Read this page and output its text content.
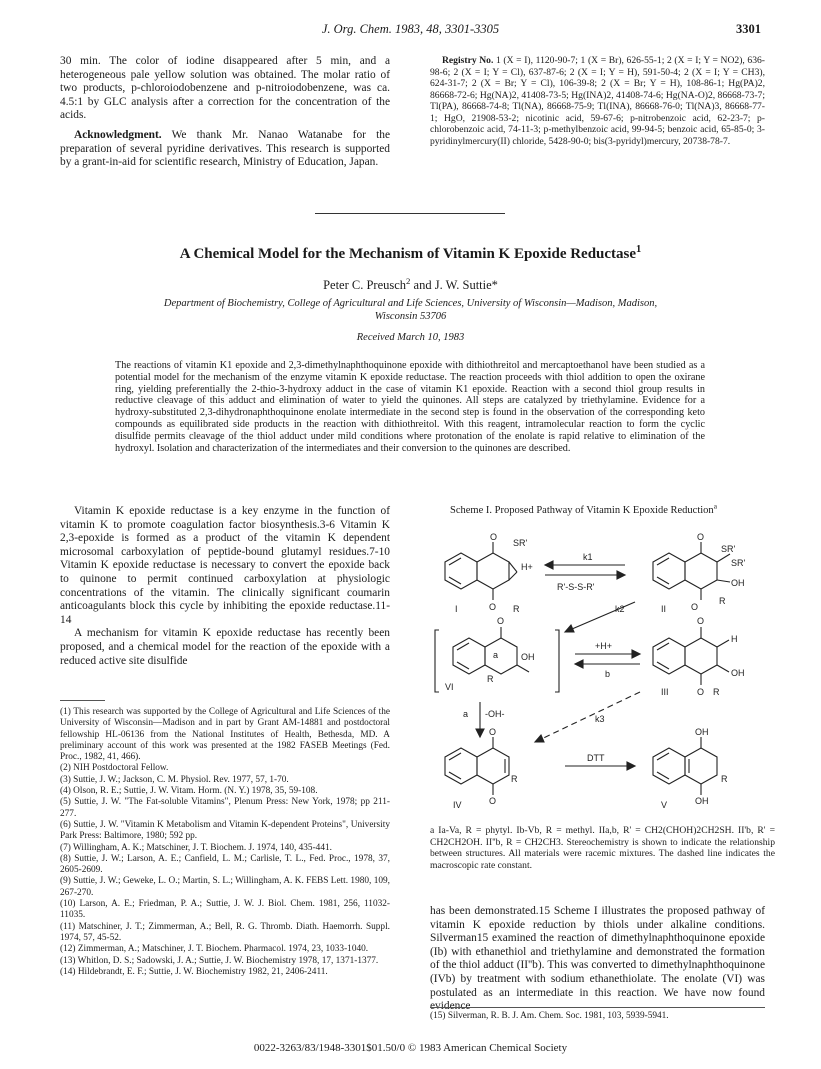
J. Org. Chem. 1983, 48, 3301-3305	3301

30 min. The color of iodine disappeared after 5 min, and a heterogeneous pale yellow solution was obtained. The molar ratio of two products, p-chloroiodobenzene and p-nitroiodobenzene, was ca. 4.5:1 by GLC analysis after a correction for the concentration of the acids.

Acknowledgment. We thank Mr. Nanao Watanabe for the preparation of several pyridine derivatives. This research is supported by a grant-in-aid for scientific research, Ministry of Education, Japan.

Registry No. 1 (X = I), 1120-90-7; 1 (X = Br), 626-55-1; 2 (X = I; Y = NO2), 636-98-6; 2 (X = I; Y = Cl), 637-87-6; 2 (X = I; Y = H), 591-50-4; 2 (X = I; Y = CH3), 624-31-7; 2 (X = Br; Y = Cl), 106-39-8; 2 (X = Br; Y = H), 108-86-1; Hg(PA)2, 86668-72-6; Hg(NA)2, 41408-73-5; Hg(INA)2, 41408-74-6; Hg(NA-O)2, 86668-73-7; Tl(PA), 86668-74-8; Tl(NA), 86668-75-9; Tl(INA), 86668-76-0; Tl(NA)3, 86668-77-1; HgO, 21908-53-2; nicotinic acid, 59-67-6; p-nitrobenzoic acid, 62-23-7; p-chlorobenzoic acid, 74-11-3; p-methylbenzoic acid, 99-94-5; benzoic acid, 65-85-0; 3-pyridinylmercury(II) chloride, 5428-90-0; bis(3-pyridyl)mercury, 20738-78-7.
A Chemical Model for the Mechanism of Vitamin K Epoxide Reductase$^1$
Peter C. Preusch$^2$ and J. W. Suttie*
Department of Biochemistry, College of Agricultural and Life Sciences, University of Wisconsin—Madison, Madison, Wisconsin 53706
Received March 10, 1983
The reactions of vitamin K1 epoxide and 2,3-dimethylnaphthoquinone epoxide with dithiothreitol and mercaptoethanol have been studied as a potential model for the mechanism of the enzyme vitamin K epoxide reductase. The reaction proceeds with thiol addition to open the oxirane ring, yielding preferentially the 2-thio-3-hydroxy adduct in the case of vitamin K1 epoxide. Reaction with a second thiol group results in reductive cleavage of this adduct and elimination of water to yield the quinones. All steps are catalyzed by triethylamine. Evidence for a hydroxy-substituted 2,3-dihydronaphthoquinone enolate intermediate in the second step is found in the observation of the corresponding keto compounds as equilibrated side products in the reaction with dithiothreitol. With this reagent, intramolecular reaction to form the cyclic disulfide permits cleavage of the thiol adduct under mild conditions where protonation of the enolate is rapid relative to elimination of the hydroxyl. Isolation and characterization of the intermediates and their conversion to the quinones are described.

Vitamin K epoxide reductase is a key enzyme in the function of vitamin K to promote coagulation factor biosynthesis.3-6 Vitamin K 2,3-epoxide is formed as a product of the vitamin K dependent microsomal carboxylation of peptide-bound glutamyl residues.7-10 Vitamin K epoxide reductase is necessary to convert the epoxide back to quinone to permit continued carboxylation at physiologic concentrations of the vitamin. The clinically significant coumarin anticoagulants block this cycle by inhibiting the epoxide reductase.11-14

A mechanism for vitamin K epoxide reductase has recently been proposed, and a chemical model for the reaction of the epoxide with a reduced active site disulfide

(1) This research was supported by the College of Agricultural and Life Sciences of the University of Wisconsin—Madison and in part by Grant AM-14881 and postdoctoral fellowship HL-06136 from the National Institutes of Health, Bethesda, MD. A preliminary account of this work was presented at the 1982 FASEB Meetings (Fed. Proc., 1982, 41, 466).
(2) NIH Postdoctoral Fellow.
(3) Suttie, J. W.; Jackson, C. M. Physiol. Rev. 1977, 57, 1-70.
(4) Olson, R. E.; Suttie, J. W. Vitam. Horm. (N. Y.) 1978, 35, 59-108.
(5) Suttie, J. W. "The Fat-soluble Vitamins", Plenum Press: New York, 1978; pp 211-277.
(6) Suttie, J. W. "Vitamin K Metabolism and Vitamin K-dependent Proteins", University Park Press: Baltimore, 1980; 592 pp.
(7) Willingham, A. K.; Matschiner, J. T. Biochem. J. 1974, 140, 435-441.
(8) Suttie, J. W.; Larson, A. E.; Canfield, L. M.; Carlisle, T. L., Fed. Proc., 1978, 37, 2605-2609.
(9) Suttie, J. W.; Geweke, L. O.; Martin, S. L.; Willingham, A. K. FEBS Lett. 1980, 109, 267-270.
(10) Larson, A. E.; Friedman, P. A.; Suttie, J. W. J. Biol. Chem. 1981, 256, 11032-11035.
(11) Matschiner, J. T.; Zimmerman, A.; Bell, R. G. Thromb. Diath. Haemorrh. Suppl. 1974, 57, 45-52.
(12) Zimmerman, A.; Matschiner, J. T. Biochem. Pharmacol. 1974, 23, 1033-1040.
(13) Whitlon, D. S.; Sadowski, J. A.; Suttie, J. W. Biochemistry 1978, 17, 1371-1377.
(14) Hildebrandt, E. F.; Suttie, J. W. Biochemistry 1982, 21, 2406-2411.
Scheme I. Proposed Pathway of Vitamin K Epoxide Reduction$^a$
I	R
O
O
H+
SR'
k1
R'-S-S-R'
k2	II
SR'
SR'
OH
R
O
O
O
OH
R
a
VI
+H+
b
O
H
OH
O R
III
a -OH-	k3
O
O
R
IV
DTT
OH
OH
R
V
a Ia-Va, R = phytyl. Ib-Vb, R = methyl. IIa,b, R' = CH2(CHOH)2CH2SH. II'b, R' = CH2CH2OH. II''b, R = CH2CH3. Stereochemistry is shown to indicate the relationship between structures. All materials were racemic mixtures. The dashed line indicates the macroscopic rate constant.

has been demonstrated.15 Scheme I illustrates the proposed pathway of vitamin K epoxide reduction by thiols under alkaline conditions. Silverman15 examined the reaction of dimethylnaphthoquinone epoxide (Ib) with ethanethiol and triethylamine and demonstrated the formation of the thiol adduct (II''b). This was converted to dimethylnaphthoquinone (IVb) by treatment with sodium ethanethiolate. The enolate (VI) was postulated as an intermediate in this reaction. We have now found

(15) Silverman, R. B. J. Am. Chem. Soc. 1981, 103, 5939-5941.
0022-3263/83/1948-3301$01.50/0 © 1983 American Chemical Society
